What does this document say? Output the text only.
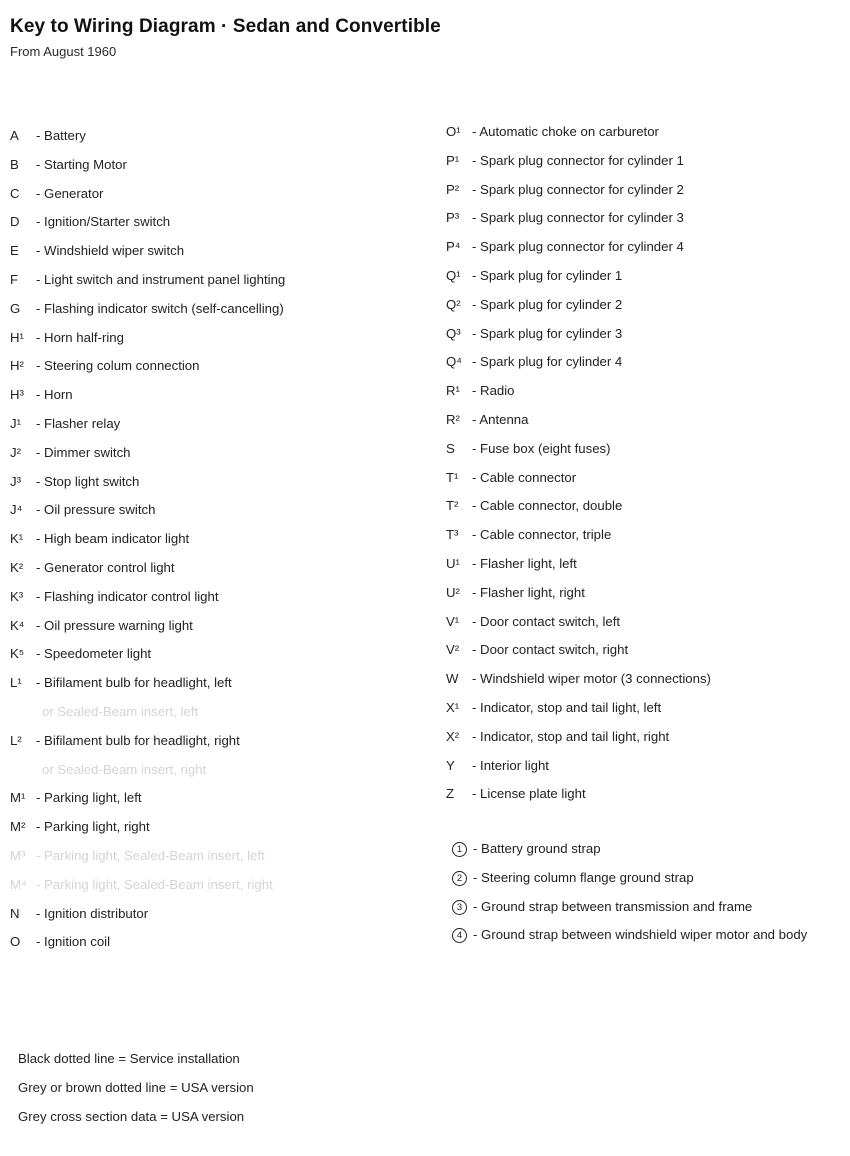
Key to Wiring Diagram · Sedan and Convertible
From August 1960
A - Battery
B - Starting Motor
C - Generator
D - Ignition/Starter switch
E - Windshield wiper switch
F - Light switch and instrument panel lighting
G - Flashing indicator switch (self-cancelling)
H¹ - Horn half-ring
H² - Steering colum connection
H³ - Horn
J¹ - Flasher relay
J² - Dimmer switch
J³ - Stop light switch
J⁴ - Oil pressure switch
K¹ - High beam indicator light
K² - Generator control light
K³ - Flashing indicator control light
K⁴ - Oil pressure warning light
K⁵ - Speedometer light
L¹ - Bifilament bulb for headlight, left
or Sealed-Beam insert, left
L² - Bifilament bulb for headlight, right
or Sealed-Beam insert, right
M¹ - Parking light, left
M² - Parking light, right
M³ - Parking light, Sealed-Beam insert, left
M⁴ - Parking light, Sealed-Beam insert, right
N - Ignition distributor
O - Ignition coil
O¹ - Automatic choke on carburetor
P¹ - Spark plug connector for cylinder 1
P² - Spark plug connector for cylinder 2
P³ - Spark plug connector for cylinder 3
P⁴ - Spark plug connector for cylinder 4
Q¹ - Spark plug for cylinder 1
Q² - Spark plug for cylinder 2
Q³ - Spark plug for cylinder 3
Q⁴ - Spark plug for cylinder 4
R¹ - Radio
R² - Antenna
S - Fuse box (eight fuses)
T¹ - Cable connector
T² - Cable connector, double
T³ - Cable connector, triple
U¹ - Flasher light, left
U² - Flasher light, right
V¹ - Door contact switch, left
V² - Door contact switch, right
W - Windshield wiper motor (3 connections)
X¹ - Indicator, stop and tail light, left
X² - Indicator, stop and tail light, right
Y - Interior light
Z - License plate light
1 - Battery ground strap
2 - Steering column flange ground strap
3 - Ground strap between transmission and frame
4 - Ground strap between windshield wiper motor and body
Black dotted line = Service installation
Grey or brown dotted line = USA version
Grey cross section data = USA version
